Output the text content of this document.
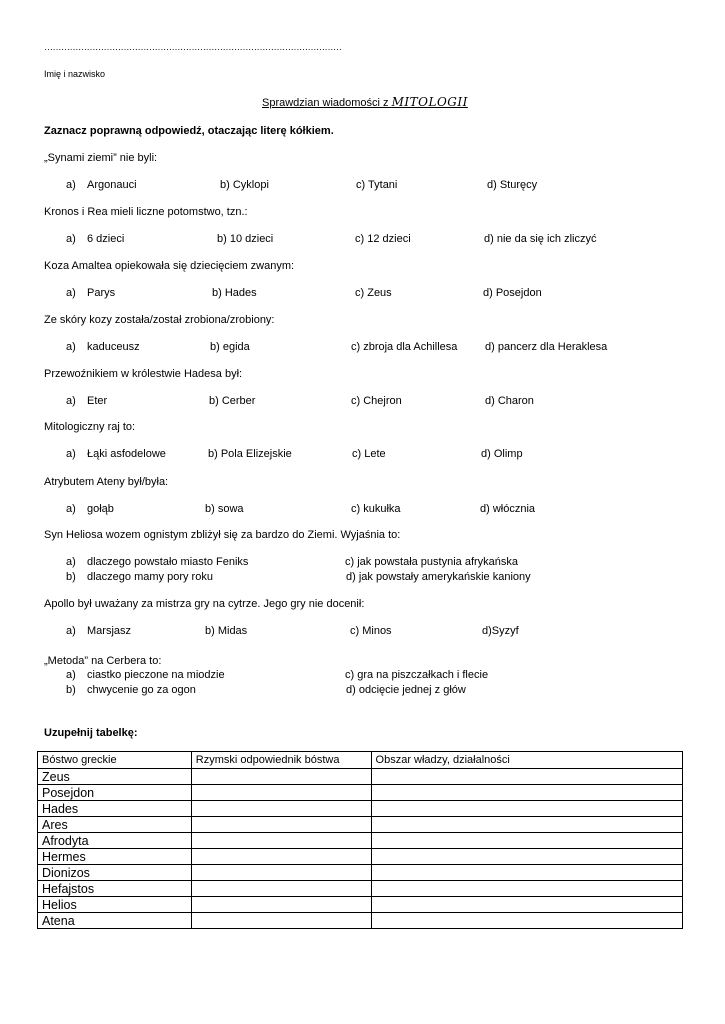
……………………………………………………………………………………………
Imię i nazwisko
Sprawdzian wiadomości z MITOLOGII
Zaznacz poprawną odpowiedź, otaczając literę kółkiem.
„Synami ziemi” nie byli:
a) Argonauci	b) Cyklopi	c) Tytani	d) Sturęcy
Kronos i Rea mieli liczne potomstwo, tzn.:
a) 6 dzieci	b) 10 dzieci	c) 12 dzieci	d) nie da się ich zliczyć
Koza Amaltea opiekowała się dziecięciem zwanym:
a) Parys	b) Hades	c) Zeus	d) Posejdon
Ze skóry kozy została/został zrobiona/zrobiony:
a) kaduceusz	b) egida	c) zbroja dla Achillesa	d) pancerz dla Heraklesa
Przewoźnikiem w królestwie Hadesa był:
a) Eter	b) Cerber	c) Chejron	d) Charon
Mitologiczny raj to:
a) Łąki asfodelowe	b) Pola Elizejskie	c) Lete	d) Olimp
Atrybutem Ateny był/była:
a) gołąb	b) sowa	c) kukułka	d) włócznia
Syn Heliosa wozem ognistym zbliżył się za bardzo do Ziemi. Wyjaśnia to:
a) dlaczego powstało miasto Feniks	c) jak powstała pustynia afrykańska
b) dlaczego mamy pory roku	d) jak powstały amerykańskie kaniony
Apollo był uważany za mistrza gry na cytrze. Jego gry nie docenił:
a) Marsjasz	b) Midas	c) Minos	d)Syzyf
„Metoda” na Cerbera to:
a) ciastko pieczone na miodzie	c) gra na piszczałkach i flecie
b) chwycenie go za ogon	d) odcięcie jednej z głów
Uzupełnij tabelkę:
Bóstwo greckie	Rzymski odpowiednik bóstwa	Obszar władzy, działalności
Zeus		
Posejdon		
Hades		
Ares		
Afrodyta		
Hermes		
Dionizos		
Hefajstos		
Helios		
Atena		
